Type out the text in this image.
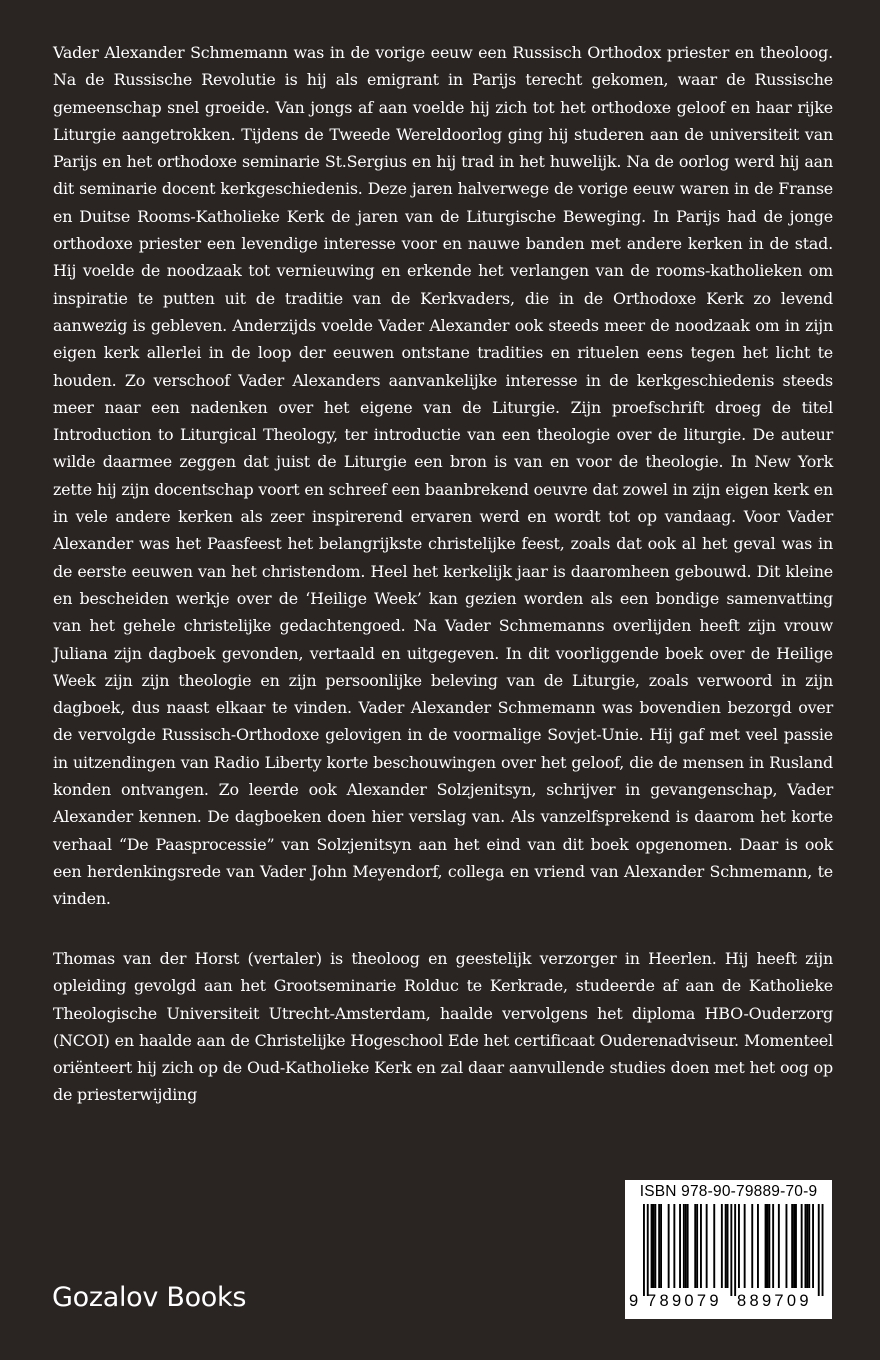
Vader Alexander Schmemann was in de vorige eeuw een Russisch Orthodox priester en theoloog. Na de Russische Revolutie is hij als emigrant in Parijs terecht gekomen, waar de Russische gemeenschap snel groeide. Van jongs af aan voelde hij zich tot het orthodoxe geloof en haar rijke Liturgie aangetrokken. Tijdens de Tweede Wereldoorlog ging hij studeren aan de universiteit van Parijs en het orthodoxe seminarie St.Sergius en hij trad in het huwelijk. Na de oorlog werd hij aan dit seminarie docent kerkgeschiedenis. Deze jaren halverwege de vorige eeuw waren in de Franse en Duitse Rooms-Katholieke Kerk de jaren van de Liturgische Beweging. In Parijs had de jonge orthodoxe priester een levendige interesse voor en nauwe banden met andere kerken in de stad. Hij voelde de noodzaak tot vernieuwing en erkende het verlangen van de rooms-katholieken om inspiratie te putten uit de traditie van de Kerkvaders, die in de Orthodoxe Kerk zo levend aanwezig is gebleven. Anderzijds voelde Vader Alexander ook steeds meer de noodzaak om in zijn eigen kerk allerlei in de loop der eeuwen ontstane tradities en rituelen eens tegen het licht te houden. Zo verschoof Vader Alexanders aanvankelijke interesse in de kerkgeschiedenis steeds meer naar een nadenken over het eigene van de Liturgie. Zijn proefschrift droeg de titel Introduction to Liturgical Theology, ter introductie van een theologie over de liturgie. De auteur wilde daarmee zeggen dat juist de Liturgie een bron is van en voor de theologie. In New York zette hij zijn docentschap voort en schreef een baanbrekend oeuvre dat zowel in zijn eigen kerk en in vele andere kerken als zeer inspirerend ervaren werd en wordt tot op vandaag. Voor Vader Alexander was het Paasfeest het belangrijkste christelijke feest, zoals dat ook al het geval was in de eerste eeuwen van het christendom. Heel het kerkelijk jaar is daaromheen gebouwd. Dit kleine en bescheiden werkje over de ‘Heilige Week’ kan gezien worden als een bondige samenvatting van het gehele christelijke gedachtengoed. Na Vader Schmemanns overlijden heeft zijn vrouw Juliana zijn dagboek gevonden, vertaald en uitgegeven. In dit voorliggende boek over de Heilige Week zijn zijn theologie en zijn persoonlijke beleving van de Liturgie, zoals verwoord in zijn dagboek, dus naast elkaar te vinden. Vader Alexander Schmemann was bovendien bezorgd over de vervolgde Russisch-Orthodoxe gelovigen in de voormalige Sovjet-Unie. Hij gaf met veel passie in uitzendingen van Radio Liberty korte beschouwingen over het geloof, die de mensen in Rusland konden ontvangen. Zo leerde ook Alexander Solzjenitsyn, schrijver in gevangenschap, Vader Alexander kennen. De dagboeken doen hier verslag van. Als vanzelfsprekend is daarom het korte verhaal “De Paasprocessie” van Solzjenitsyn aan het eind van dit boek opgenomen. Daar is ook een herdenkingsrede van Vader John Meyendorf, collega en vriend van Alexander Schmemann, te vinden.

Thomas van der Horst (vertaler) is theoloog en geestelijk verzorger in Heerlen. Hij heeft zijn opleiding gevolgd aan het Grootseminarie Rolduc te Kerkrade, studeerde af aan de Katholieke Theologische Universiteit Utrecht-Amsterdam, haalde vervolgens het diploma HBO-Ouderzorg (NCOI) en haalde aan de Christelijke Hogeschool Ede het certificaat Ouderenadviseur. Momenteel oriënteert hij zich op de Oud-Katholieke Kerk en zal daar aanvullende studies doen met het oog op de priesterwijding

Gozalov Books
ISBN 978-90-79889-70-9
9 789079 889709
